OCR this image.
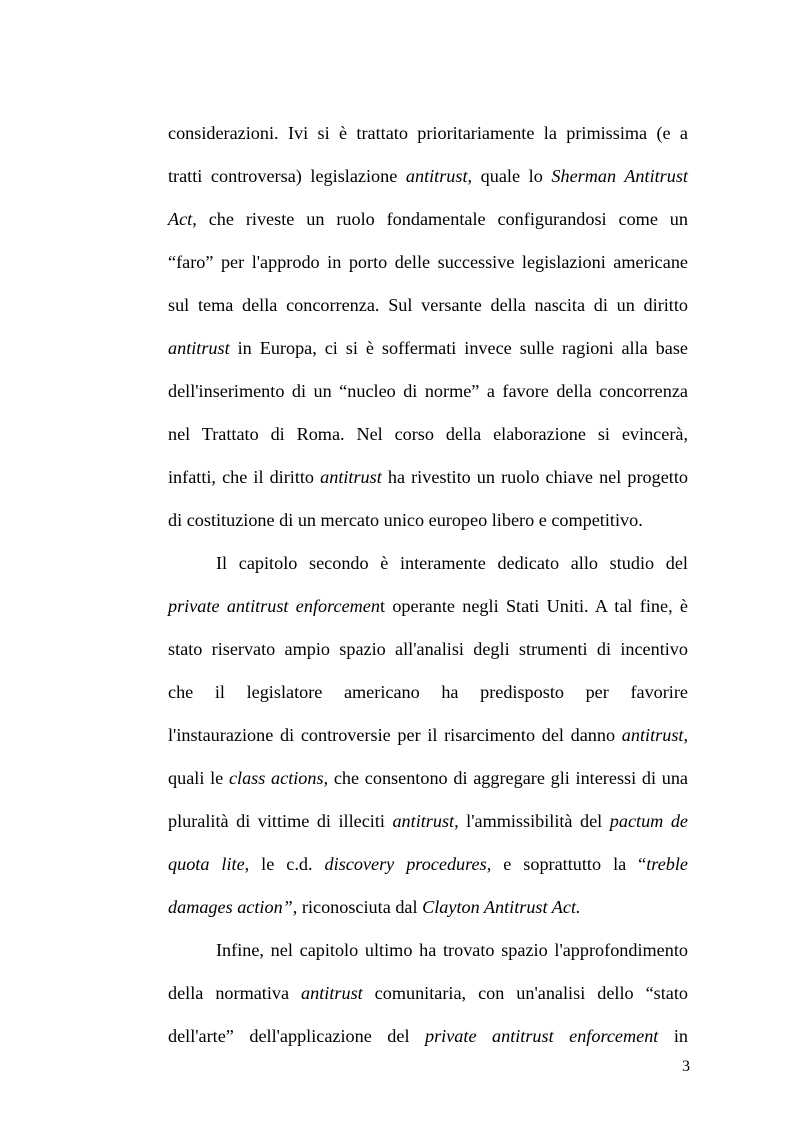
considerazioni. Ivi si è trattato prioritariamente la primissima (e a
tratti controversa) legislazione antitrust, quale lo Sherman Antitrust
Act, che riveste un ruolo fondamentale configurandosi come un
“faro” per l'approdo in porto delle successive legislazioni americane
sul tema della concorrenza. Sul versante della nascita di un diritto
antitrust in Europa, ci si è soffermati invece sulle ragioni alla base
dell'inserimento di un “nucleo di norme” a favore della concorrenza
nel Trattato di Roma. Nel corso della elaborazione si evincerà,
infatti, che il diritto antitrust ha rivestito un ruolo chiave nel progetto
di costituzione di un mercato unico europeo libero e competitivo.
Il capitolo secondo è interamente dedicato allo studio del
private antitrust enforcement operante negli Stati Uniti. A tal fine, è
stato riservato ampio spazio all'analisi degli strumenti di incentivo
che il legislatore americano ha predisposto per favorire
l'instaurazione di controversie per il risarcimento del danno antitrust,
quali le class actions, che consentono di aggregare gli interessi di una
pluralità di vittime di illeciti antitrust, l'ammissibilità del pactum de
quota lite, le c.d. discovery procedures, e soprattutto la “treble
damages action”, riconosciuta dal Clayton Antitrust Act.
Infine, nel capitolo ultimo ha trovato spazio l'approfondimento
della normativa antitrust comunitaria, con un'analisi dello “stato
dell'arte” dell'applicazione del private antitrust enforcement in
3
